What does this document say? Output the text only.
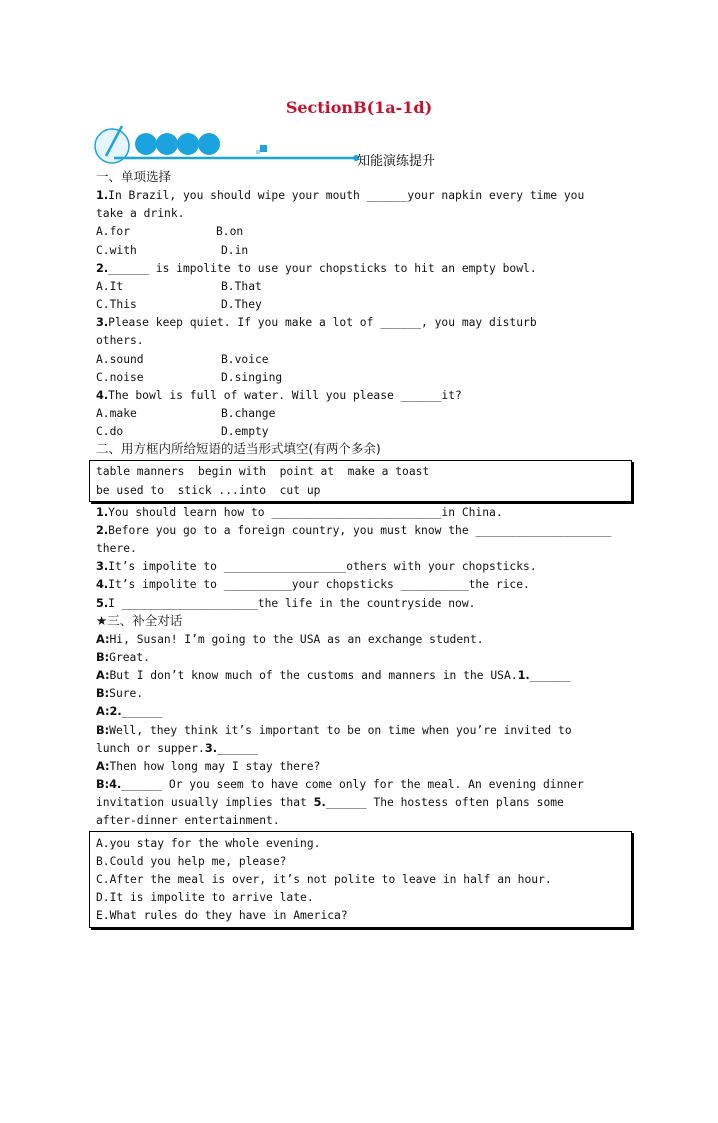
SectionB(1a-1d)
知能演练提升
一、单项选择
1.In Brazil, you should wipe your mouth ______your napkin every time you
take a drink.
A.for	B.on
C.with	D.in
2.______ is impolite to use your chopsticks to hit an empty bowl.
A.It	B.That
C.This	D.They
3.Please keep quiet. If you make a lot of ______, you may disturb
others.
A.sound	B.voice
C.noise	D.singing
4.The bowl is full of water. Will you please ______it?
A.make	B.change
C.do	D.empty
二、用方框内所给短语的适当形式填空(有两个多余)
table manners  begin with  point at  make a toast
be used to  stick ...into  cut up
1.You should learn how to _________________________in China.
2.Before you go to a foreign country, you must know the ____________________
there.
3.It’s impolite to __________________others with your chopsticks.
4.It’s impolite to __________your chopsticks __________the rice.
5.I ____________________the life in the countryside now.
★三、补全对话
A:Hi, Susan! I’m going to the USA as an exchange student.
B:Great.
A:But I don’t know much of the customs and manners in the USA.1.______
B:Sure.
A:2.______
B:Well, they think it’s important to be on time when you’re invited to
lunch or supper.3.______
A:Then how long may I stay there?
B:4.______ Or you seem to have come only for the meal. An evening dinner
invitation usually implies that 5.______ The hostess often plans some
after-dinner entertainment.
A.you stay for the whole evening.
B.Could you help me, please?
C.After the meal is over, it’s not polite to leave in half an hour.
D.It is impolite to arrive late.
E.What rules do they have in America?
